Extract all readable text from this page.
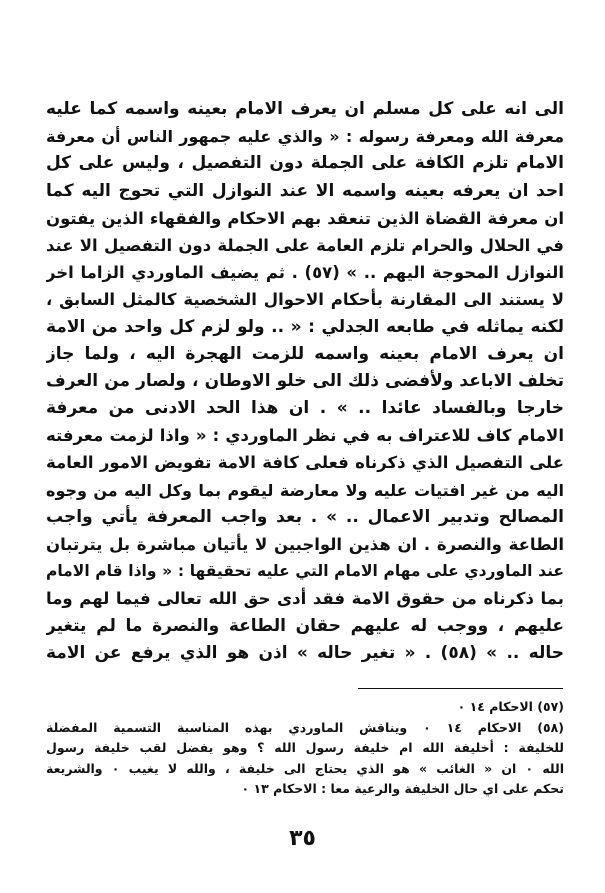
الى انه على كل مسلم ان يعرف الامام بعينه واسمه كما عليه
معرفة الله ومعرفة رسوله : « والذي عليه جمهور الناس أن معرفة
الامام تلزم الكافة على الجملة دون التفصيل ، وليس على كل
احد ان يعرفه بعينه واسمه الا عند النوازل التي تحوج اليه كما
ان معرفة القضاة الذين تنعقد بهم الاحكام والفقهاء الذين يفتون
في الحلال والحرام تلزم العامة على الجملة دون التفصيل الا عند
النوازل المحوجة اليهم .. » (٥٧) . ثم يضيف الماوردي الزاما اخر
لا يستند الى المقارنة بأحكام الاحوال الشخصية كالمثل السابق ،
لكنه يماثله في طابعه الجدلي : « .. ولو لزم كل واحد من الامة
ان يعرف الامام بعينه واسمه للزمت الهجرة اليه ، ولما جاز
تخلف الاباعد ولأفضى ذلك الى خلو الاوطان ، ولصار من العرف
خارجا وبالفساد عائدا .. » . ان هذا الحد الادنى من معرفة
الامام كاف للاعتراف به في نظر الماوردي : « واذا لزمت معرفته
على التفصيل الذي ذكرناه فعلى كافة الامة تفويض الامور العامة
اليه من غير افتيات عليه ولا معارضة ليقوم بما وكل اليه من وجوه
المصالح وتدبير الاعمال .. » . بعد واجب المعرفة يأتي واجب
الطاعة والنصرة . ان هذين الواجبين لا يأتيان مباشرة بل يترتبان
عند الماوردي على مهام الامام التي عليه تحقيقها : « واذا قام الامام
بما ذكرناه من حقوق الامة فقد أدى حق الله تعالى فيما لهم وما
عليهم ، ووجب له عليهم حقان الطاعة والنصرة ما لم يتغير
حاله .. » (٥٨) . « تغير حاله » اذن هو الذي يرفع عن الامة
(٥٧) الاحكام ١٤ ٠
(٥٨) الاحكام ١٤ ٠ ويناقش الماوردي بهذه المناسبة التسمية المفضلة
للخليفة : أخليفة الله ام خليفة رسول الله ؟ وهو يفضل لقب خليفة رسول
الله ٠ ان « الغائب » هو الذي يحتاج الى خليفة ، والله لا يغيب ٠ والشريعة
تحكم على اي حال الخليفة والرعية معا : الاحكام ١٣ ٠
٣٥
